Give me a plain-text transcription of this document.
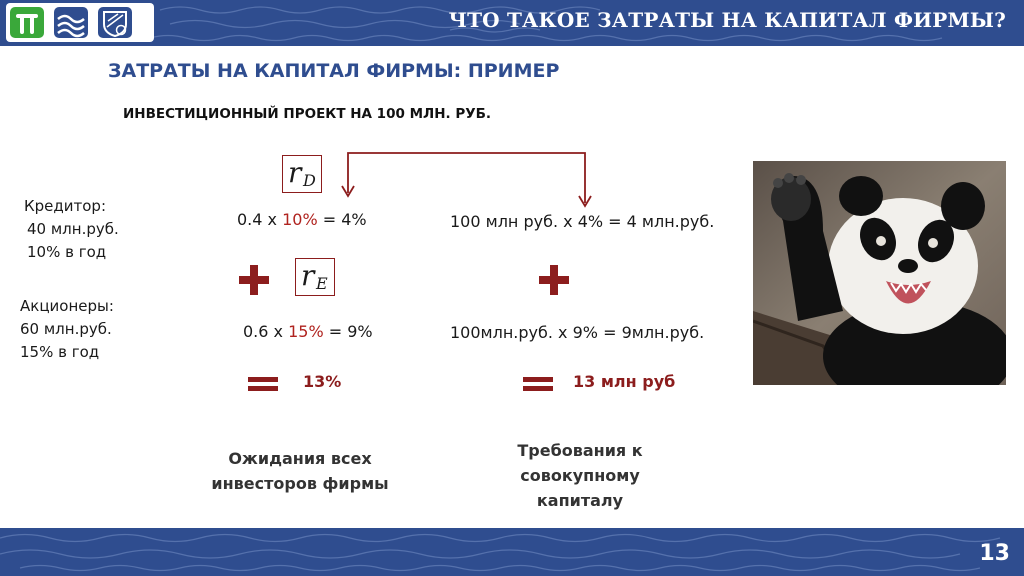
ЧТО ТАКОЕ ЗАТРАТЫ НА КАПИТАЛ ФИРМЫ?
ЗАТРАТЫ НА КАПИТАЛ ФИРМЫ: ПРИМЕР
ИНВЕСТИЦИОННЫЙ ПРОЕКТ НА 100 МЛН. РУБ.
Кредитор:
40 млн.руб.
10% в год
Акционеры:
60 млн.руб.
15% в год
r D
r E
0.4 x 10% = 4%
0.6 x 15% = 9%
100 млн руб. x 4% = 4 млн.руб.
100млн.руб. x 9% = 9млн.руб.
13%	13 млн руб
Ожидания всех
инвесторов фирмы
Требования к
совокупному
капиталу
13
